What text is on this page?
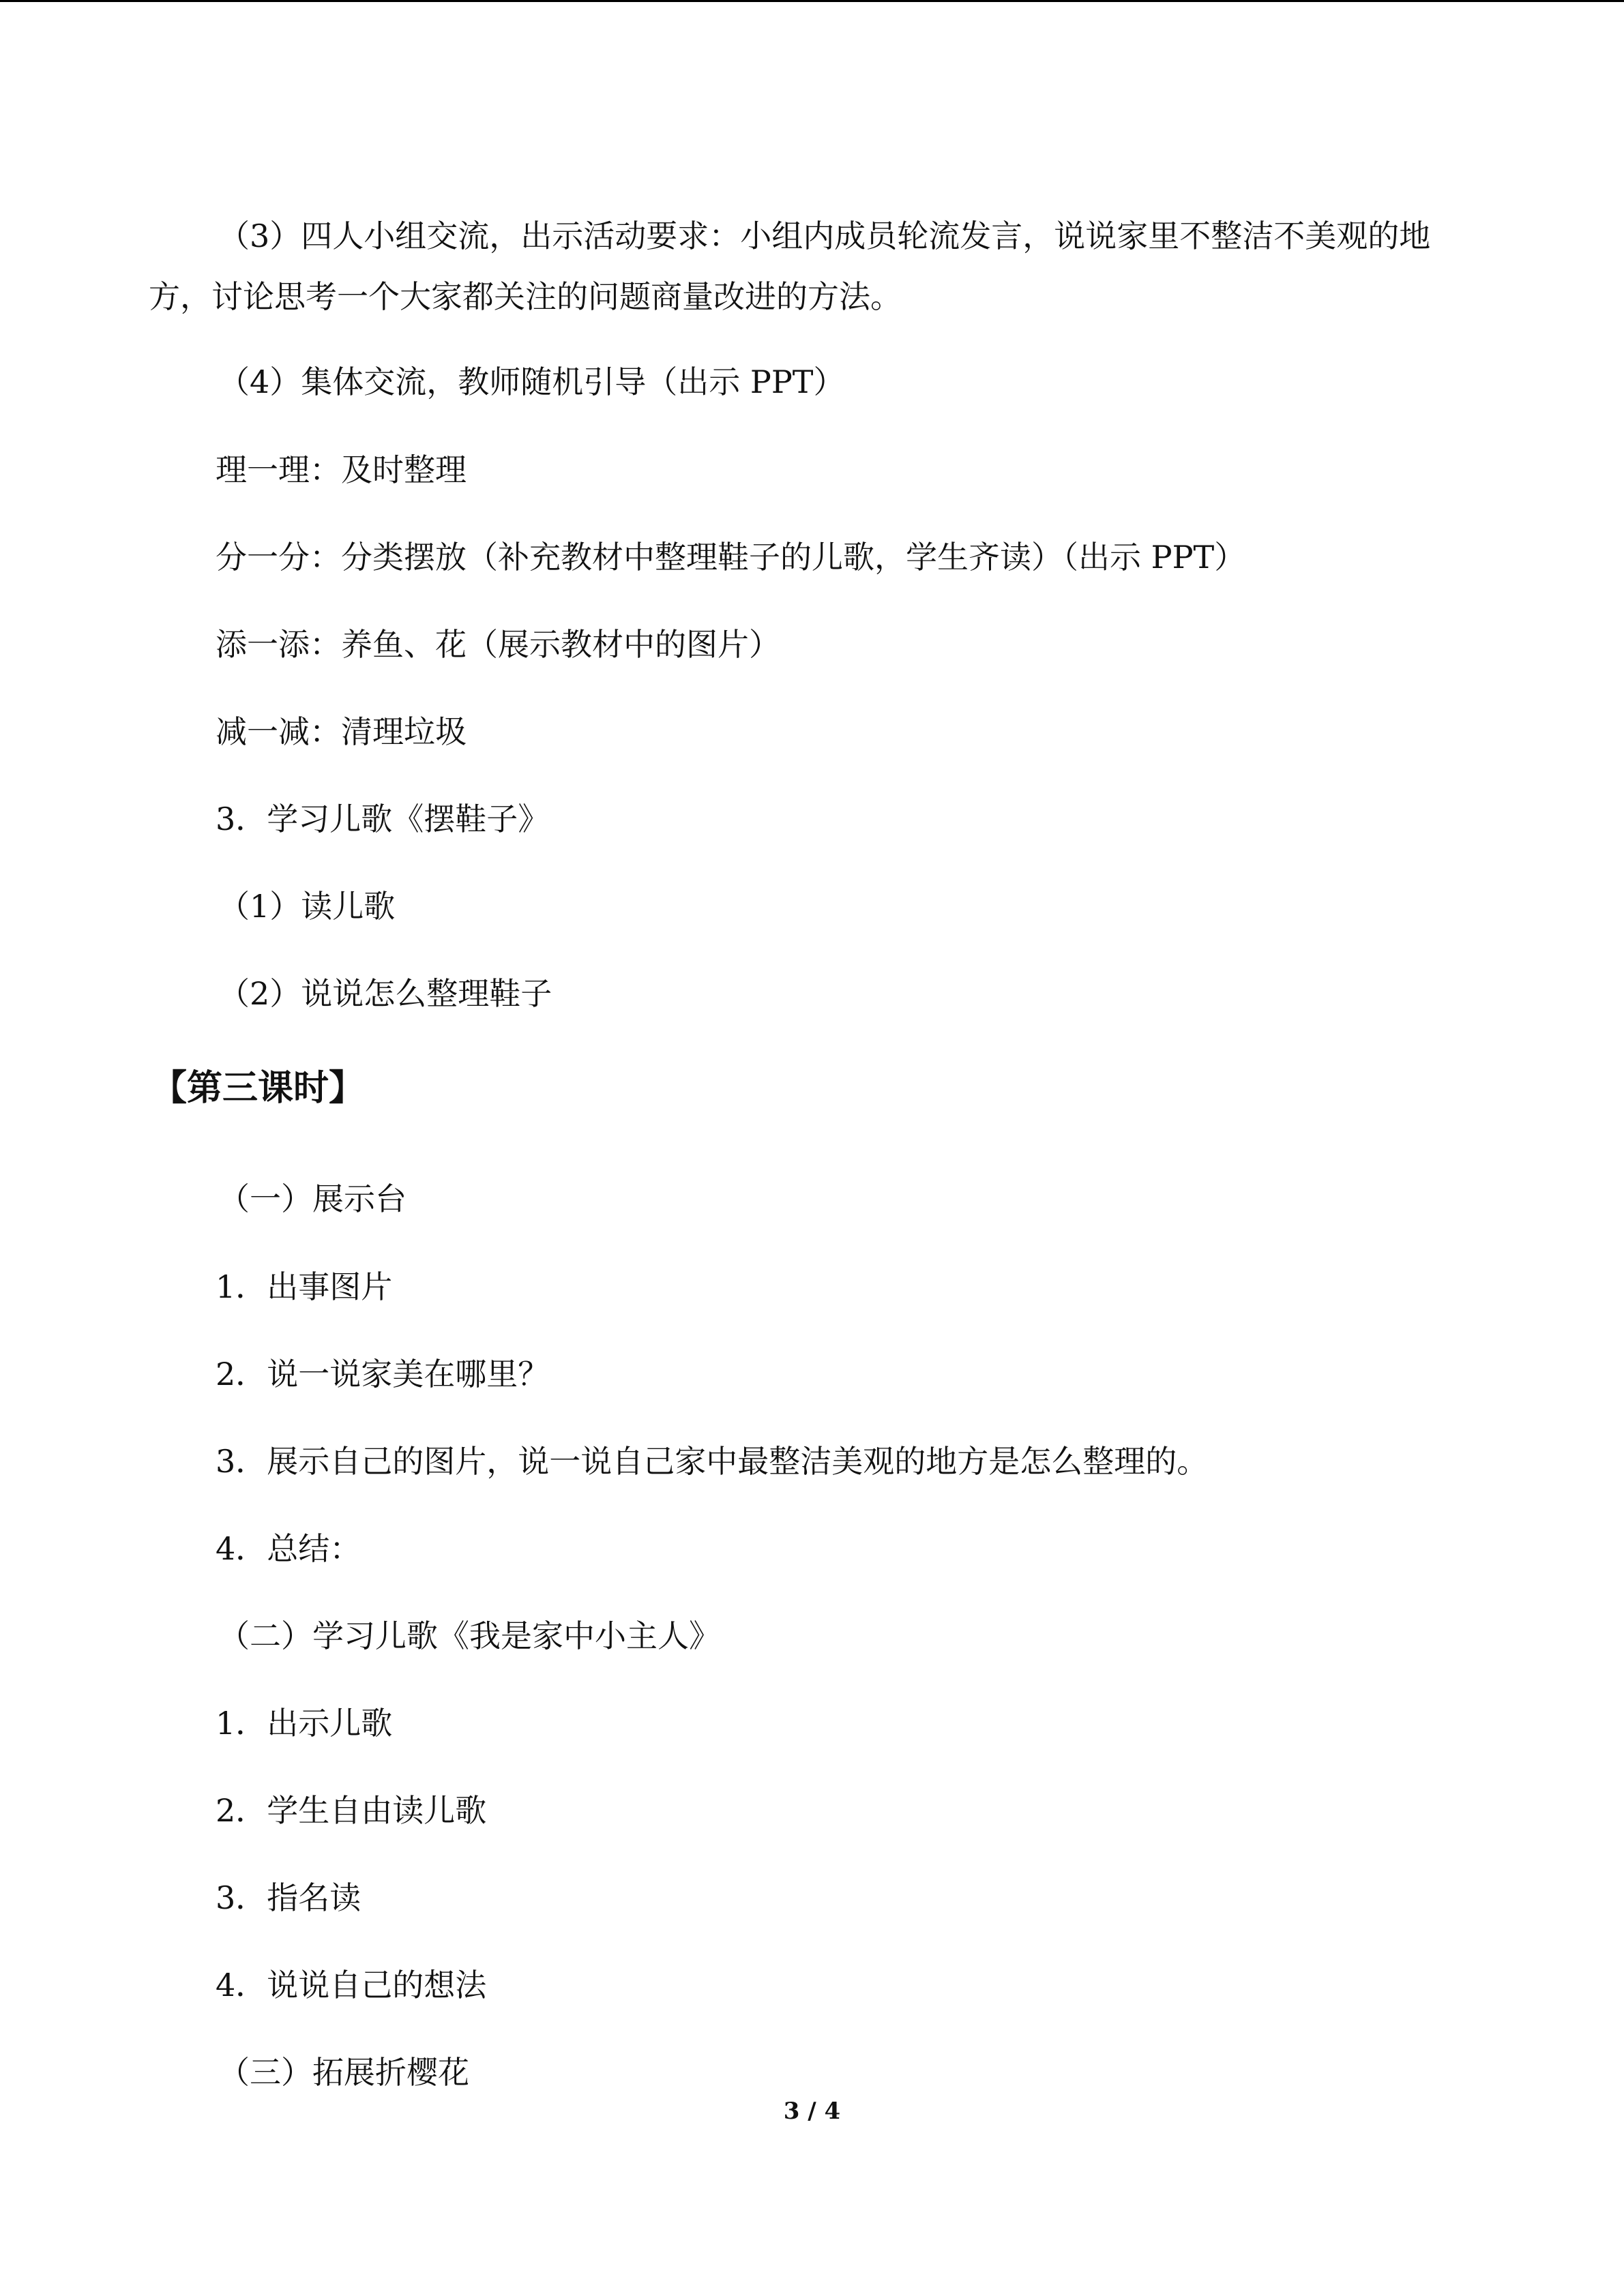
（3）四人小组交流，出示活动要求：小组内成员轮流发言，说说家里不整洁不美观的地
方，讨论思考一个大家都关注的问题商量改进的方法。
（4）集体交流，教师随机引导（出示 PPT）
理一理：及时整理
分一分：分类摆放（补充教材中整理鞋子的儿歌，学生齐读）（出示 PPT）
添一添：养鱼、花（展示教材中的图片）
减一减：清理垃圾
3．学习儿歌《摆鞋子》
（1）读儿歌
（2）说说怎么整理鞋子
【第三课时】
（一）展示台
1．出事图片
2．说一说家美在哪里？
3．展示自己的图片，说一说自己家中最整洁美观的地方是怎么整理的。
4．总结：
（二）学习儿歌《我是家中小主人》
1．出示儿歌
2．学生自由读儿歌
3．指名读
4．说说自己的想法
（三）拓展折樱花
3 / 4
